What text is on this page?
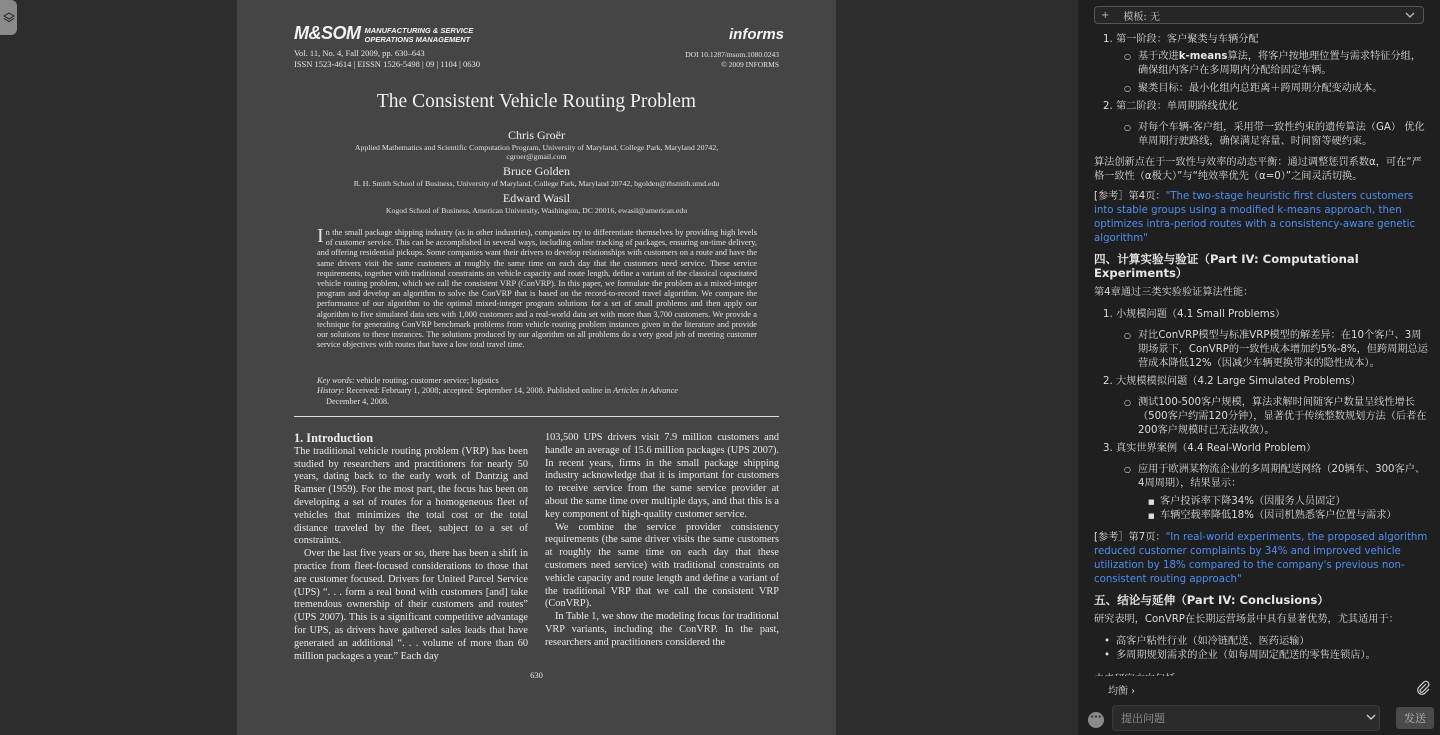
M&SOM MANUFACTURING & SERVICE
OPERATIONS MANAGEMENT
Vol. 11, No. 4, Fall 2009, pp. 630–643
ISSN 1523-4614 | EISSN 1526-5498 | 09 | 1104 | 0630
informs
DOI 10.1287/msom.1080.0243
© 2009 INFORMS
The Consistent Vehicle Routing Problem
Chris Groër
Applied Mathematics and Scientific Computation Program, University of Maryland, College Park, Maryland 20742,
cgroer@gmail.com
Bruce Golden
R. H. Smith School of Business, University of Maryland, College Park, Maryland 20742, bgolden@rhsmith.umd.edu
Edward Wasil
Kogod School of Business, American University, Washington, DC 20016, ewasil@american.edu
In the small package shipping industry (as in other industries), companies try to differentiate themselves by providing high levels of customer service. This can be accomplished in several ways, including online tracking of packages, ensuring on-time delivery, and offering residential pickups. Some companies want their drivers to develop relationships with customers on a route and have the same drivers visit the same customers at roughly the same time on each day that the customers need service. These service requirements, together with traditional constraints on vehicle capacity and route length, define a variant of the classical capacitated vehicle routing problem, which we call the consistent VRP (ConVRP). In this paper, we formulate the problem as a mixed-integer program and develop an algorithm to solve the ConVRP that is based on the record-to-record travel algorithm. We compare the performance of our algorithm to the optimal mixed-integer program solutions for a set of small problems and then apply our algorithm to five simulated data sets with 1,000 customers and a real-world data set with more than 3,700 customers. We provide a technique for generating ConVRP benchmark problems from vehicle routing problem instances given in the literature and provide our solutions to these instances. The solutions produced by our algorithm on all problems do a very good job of meeting customer service objectives with routes that have a low total travel time.
Key words: vehicle routing; customer service; logistics
History: Received: February 1, 2008; accepted: September 14, 2008. Published online in Articles in Advance
December 4, 2008.
1. Introduction

The traditional vehicle routing problem (VRP) has been studied by researchers and practitioners for nearly 50 years, dating back to the early work of Dantzig and Ramser (1959). For the most part, the focus has been on developing a set of routes for a homogeneous fleet of vehicles that minimizes the total cost or the total distance traveled by the fleet, subject to a set of constraints.

Over the last five years or so, there has been a shift in practice from fleet-focused considerations to those that are customer focused. Drivers for United Parcel Service (UPS) “. . . form a real bond with customers [and] take tremendous ownership of their customers and routes” (UPS 2007). This is a significant competitive advantage for UPS, as drivers have gathered sales leads that have generated an additional “. . . volume of more than 60 million packages a year.” Each day

103,500 UPS drivers visit 7.9 million customers and handle an average of 15.6 million packages (UPS 2007). In recent years, firms in the small package shipping industry acknowledge that it is important for customers to receive service from the same service provider at about the same time over multiple days, and that this is a key component of high-quality customer service.

We combine the service provider consistency requirements (the same driver visits the same customers at roughly the same time on each day that these customers need service) with traditional constraints on vehicle capacity and route length and define a variant of the traditional VRP that we call the consistent VRP (ConVRP).

In Table 1, we show the modeling focus for traditional VRP variants, including the ConVRP. In the past, researchers and practitioners considered the

630
+ 模板: 无
1. 第一阶段：客户聚类与车辆分配
○ 基于改进k-means算法，将客户按地理位置与需求特征分组，确保组内客户在多周期内分配给固定车辆。
○ 聚类目标：最小化组内总距离＋跨周期分配变动成本。
2. 第二阶段：单周期路线优化
○ 对每个车辆-客户组，采用带一致性约束的遗传算法（GA） 优化单周期行驶路线，确保满足容量、时间窗等硬约束。
算法创新点在于一致性与效率的动态平衡：通过调整惩罚系数α，可在“严格一致性（α极大）”与“纯效率优先（α=0）”之间灵活切换。
[参考］第4页："The two-stage heuristic first clusters customers into stable groups using a modified k-means approach, then optimizes intra-period routes with a consistency-aware genetic algorithm"
四、计算实验与验证（Part IV: Computational Experiments）
第4章通过三类实验验证算法性能：
1. 小规模问题（4.1 Small Problems）
○ 对比ConVRP模型与标准VRP模型的解差异：在10个客户、3周期场景下，ConVRP的一致性成本增加约5%-8%，但跨周期总运营成本降低12%（因减少车辆更换带来的隐性成本）。
2. 大规模模拟问题（4.2 Large Simulated Problems）
○ 测试100-500客户规模，算法求解时间随客户数量呈线性增长（500客户约需120分钟），显著优于传统整数规划方法（后者在200客户规模时已无法收敛）。
3. 真实世界案例（4.4 Real-World Problem）
○ 应用于欧洲某物流企业的多周期配送网络（20辆车、300客户、4周周期），结果显示：
■ 客户投诉率下降34%（因服务人员固定）
■ 车辆空载率降低18%（因司机熟悉客户位置与需求）
[参考］第7页："In real-world experiments, the proposed algorithm reduced customer complaints by 34% and improved vehicle utilization by 18% compared to the company's previous non-consistent routing approach"
五、结论与延伸（Part IV: Conclusions）
研究表明，ConVRP在长期运营场景中具有显著优势，尤其适用于：
• 高客户粘性行业（如冷链配送、医药运输）
• 多周期规划需求的企业（如每周固定配送的零售连锁店）。
均衡 ›
···
提出问题	发送
